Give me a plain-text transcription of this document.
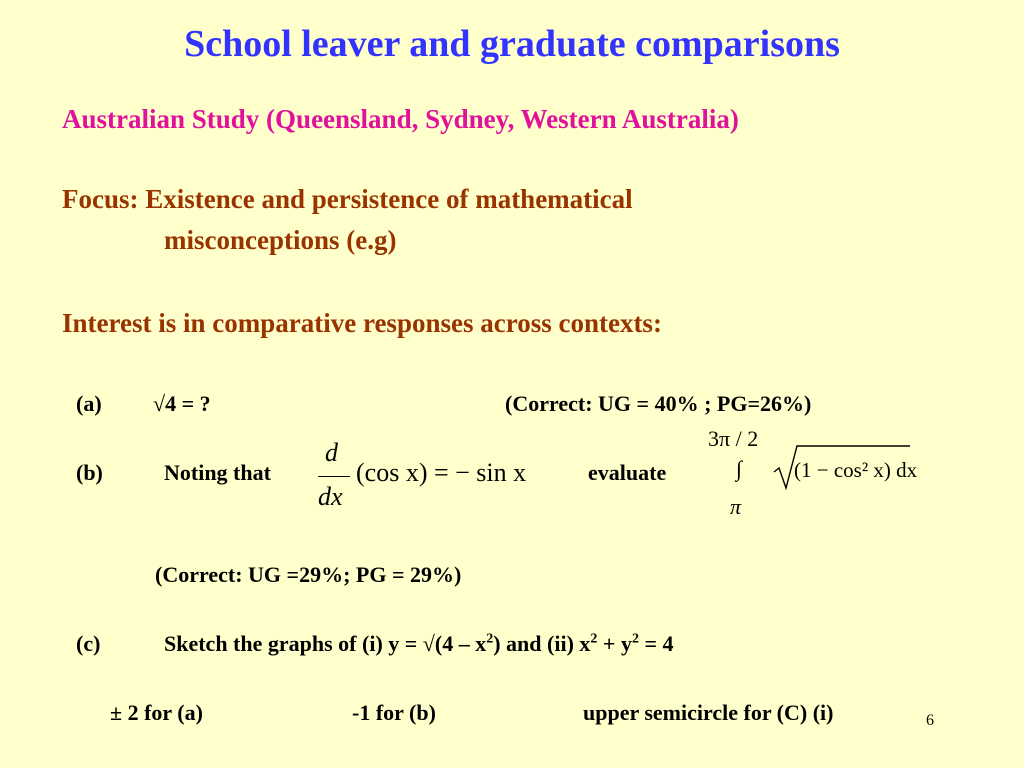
School leaver and graduate comparisons
Australian Study (Queensland, Sydney, Western Australia)
Focus: Existence and persistence of mathematical
misconceptions (e.g)
Interest is in comparative responses across contexts:
(a) √4 = ?	(Correct: UG = 40% ; PG=26%)
(b)	Noting that
d
dx
(cos x) = − sin x	evaluate
3π / 2
∫
π
(1 − cos² x) dx
(Correct: UG =29%; PG = 29%)
(c)	Sketch the graphs of (i) $y = √(4 - x^2)$ and (ii) $x^2 + y^2 = 4$
± 2 for (a)	-1 for (b)	upper semicircle for (C) (i)	6
